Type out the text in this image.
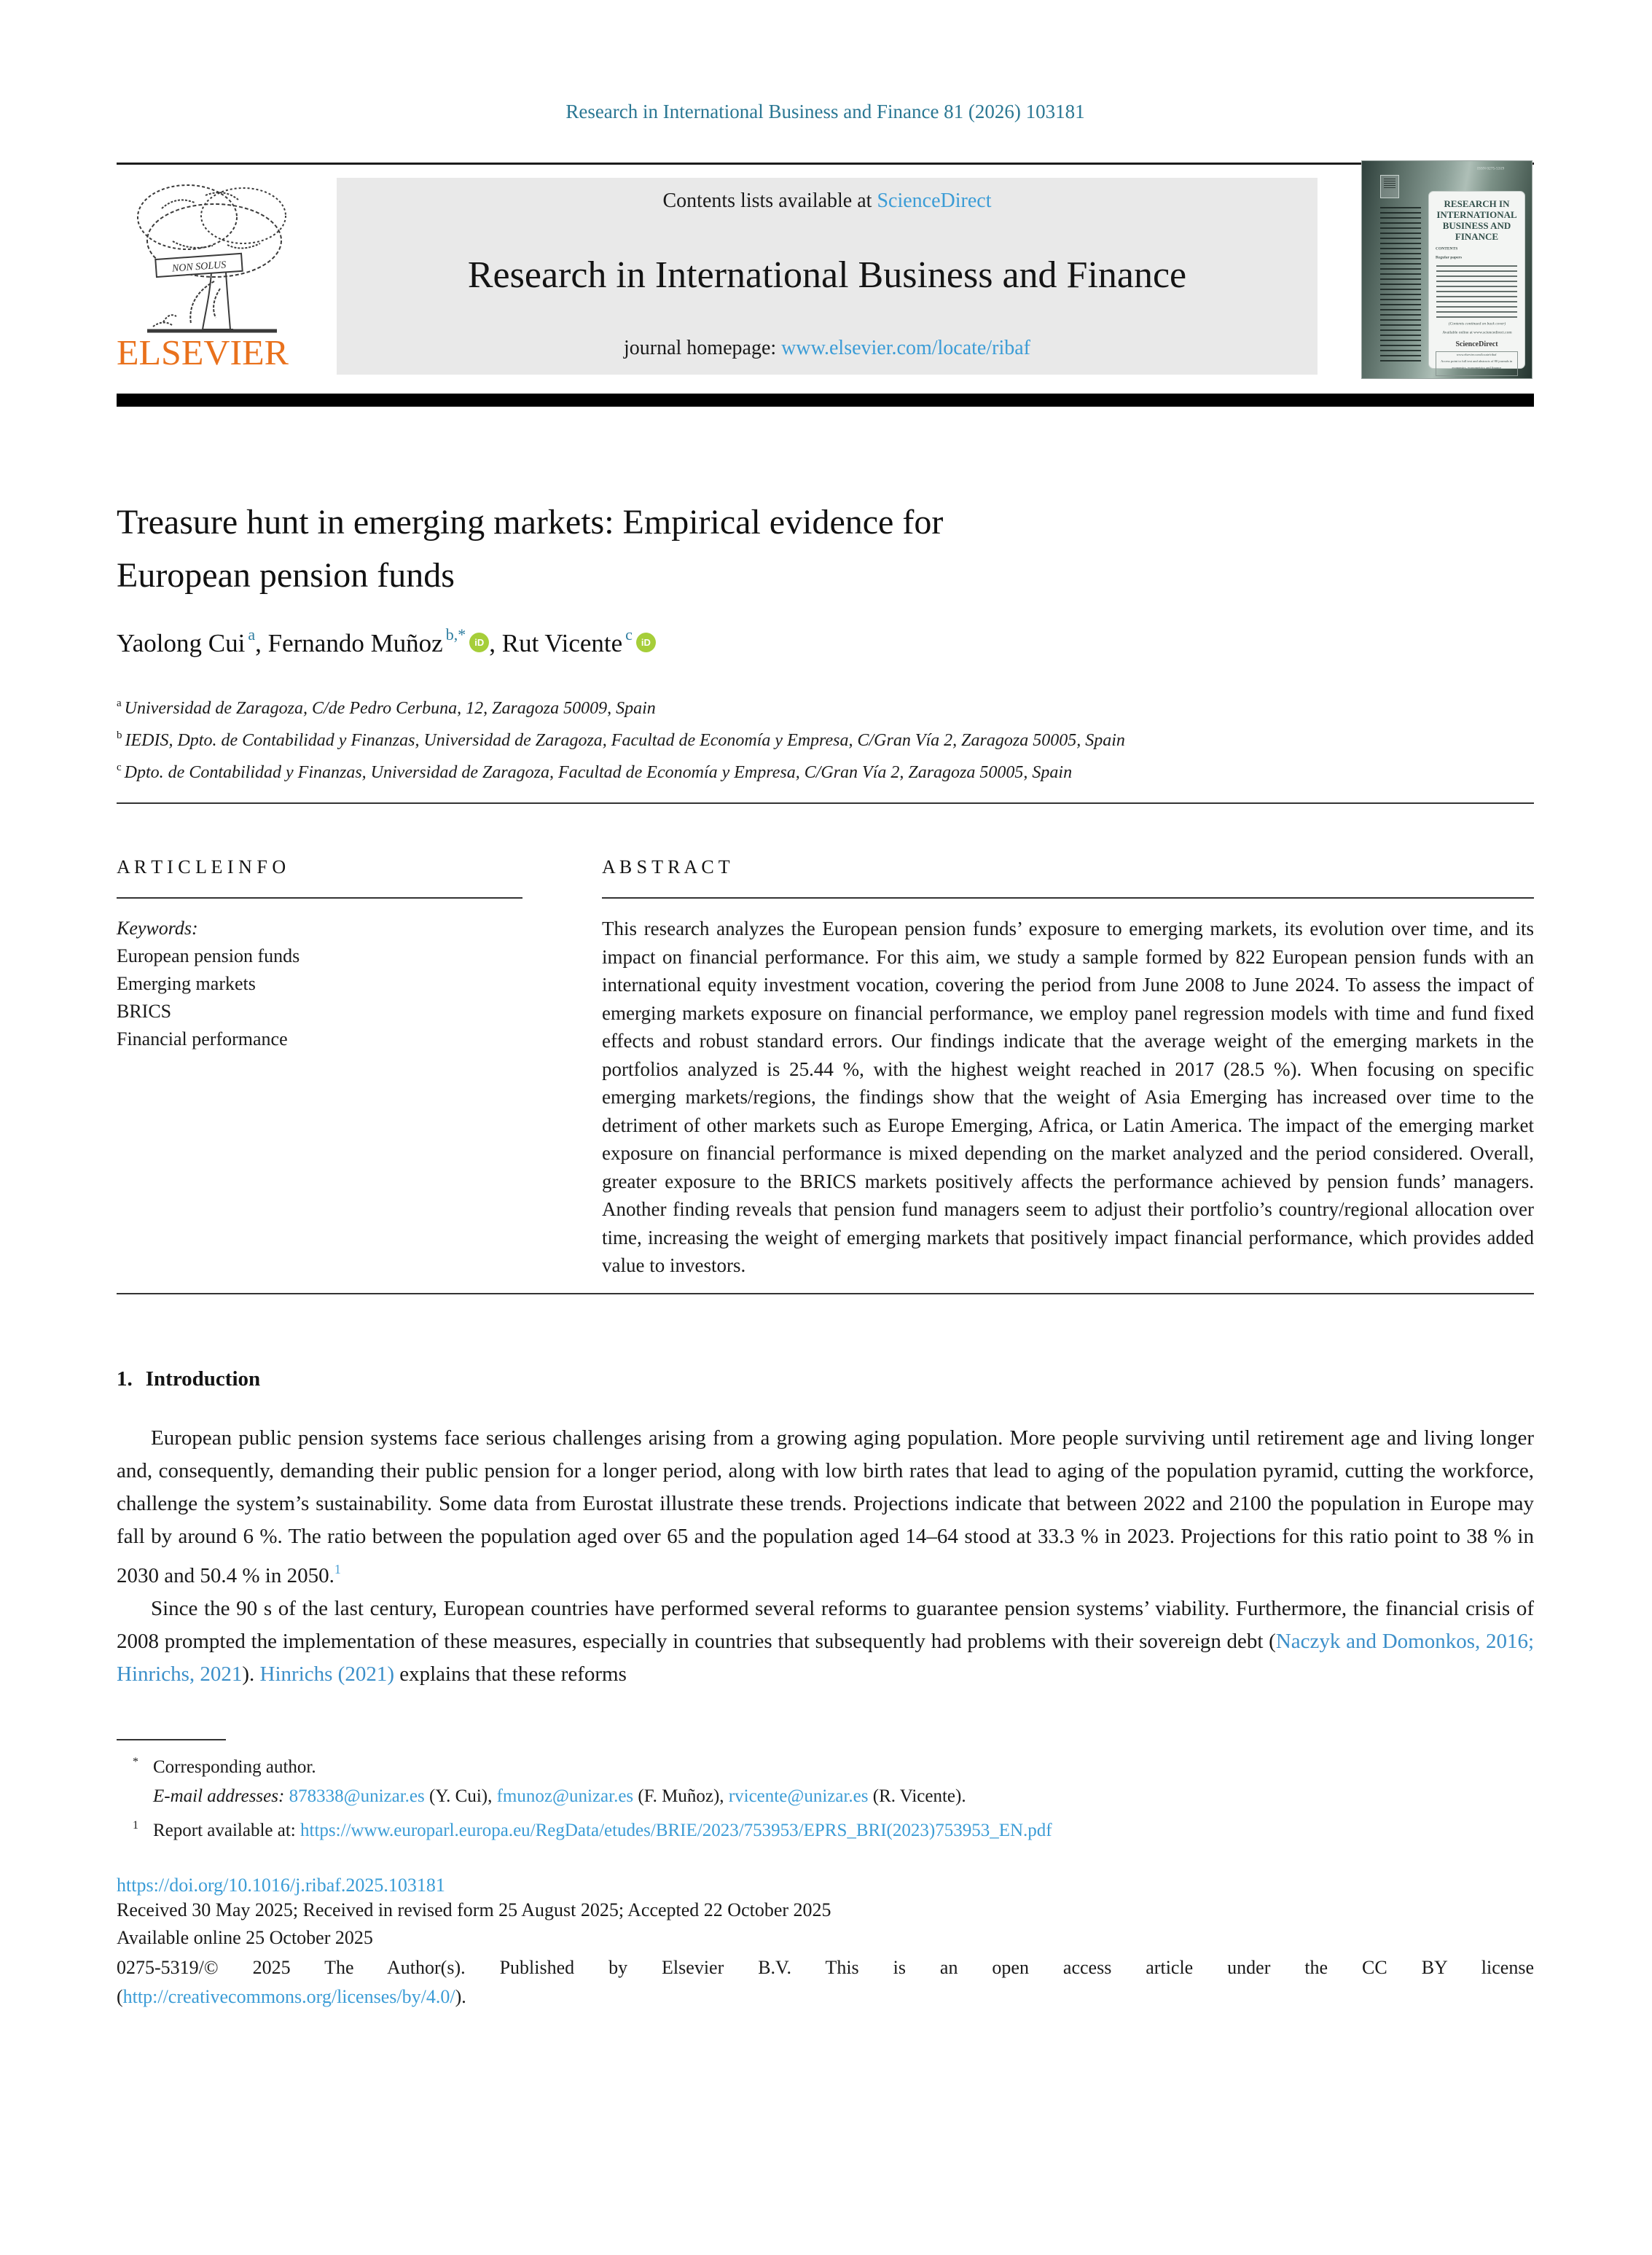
Research in International Business and Finance 81 (2026) 103181
NON SOLUS
ELSEVIER
Contents lists available at ScienceDirect
Research in International Business and Finance
journal homepage: www.elsevier.com/locate/ribaf
ISSN 0275-5319
RESEARCH IN
INTERNATIONAL
BUSINESS AND
FINANCE
CONTENTS
Regular papers
(Contents continued on back cover)
Available online at www.sciencedirect.com
ScienceDirect
www.elsevier.com/locate/ribaf
Access point to full text and abstracts of 80 journals in
economics, econometrics and finance
Treasure hunt in emerging markets: Empirical evidence for
European pension funds
Yaolong Cui $^a$, Fernando Muñoz $^{b,*}$ iD , Rut Vicente $^c$ iD
$^a$ Universidad de Zaragoza, C/de Pedro Cerbuna, 12, Zaragoza 50009, Spain
$^b$ IEDIS, Dpto. de Contabilidad y Finanzas, Universidad de Zaragoza, Facultad de Economía y Empresa, C/Gran Vía 2, Zaragoza 50005, Spain
$^c$ Dpto. de Contabilidad y Finanzas, Universidad de Zaragoza, Facultad de Economía y Empresa, C/Gran Vía 2, Zaragoza 50005, Spain
A R T I C L E I N F O
Keywords:
European pension funds
Emerging markets
BRICS
Financial performance
A B S T R A C T
This research analyzes the European pension funds’ exposure to emerging markets, its evolution over time, and its impact on financial performance. For this aim, we study a sample formed by 822 European pension funds with an international equity investment vocation, covering the period from June 2008 to June 2024. To assess the impact of emerging markets exposure on financial performance, we employ panel regression models with time and fund fixed effects and robust standard errors. Our findings indicate that the average weight of the emerging markets in the portfolios analyzed is 25.44 %, with the highest weight reached in 2017 (28.5 %). When focusing on specific emerging markets/regions, the findings show that the weight of Asia Emerging has increased over time to the detriment of other markets such as Europe Emerging, Africa, or Latin America. The impact of the emerging market exposure on financial performance is mixed depending on the market analyzed and the period considered. Overall, greater exposure to the BRICS markets positively affects the performance achieved by pension funds’ managers. Another finding reveals that pension fund managers seem to adjust their portfolio’s country/regional allocation over time, increasing the weight of emerging markets that positively impact financial performance, which provides added value to investors.
1. Introduction
European public pension systems face serious challenges arising from a growing aging population. More people surviving until retirement age and living longer and, consequently, demanding their public pension for a longer period, along with low birth rates that lead to aging of the population pyramid, cutting the workforce, challenge the system’s sustainability. Some data from Eurostat illustrate these trends. Projections indicate that between 2022 and 2100 the population in Europe may fall by around 6 %. The ratio between the population aged over 65 and the population aged 14–64 stood at 33.3 % in 2023. Projections for this ratio point to 38 % in 2030 and 50.4 % in 2050.$^1$
Since the 90 s of the last century, European countries have performed several reforms to guarantee pension systems’ viability. Furthermore, the financial crisis of 2008 prompted the implementation of these measures, especially in countries that subsequently had problems with their sovereign debt (Naczyk and Domonkos, 2016; Hinrichs, 2021). Hinrichs (2021) explains that these reforms
* Corresponding author.
E-mail addresses: 878338@unizar.es (Y. Cui), fmunoz@unizar.es (F. Muñoz), rvicente@unizar.es (R. Vicente).
$^1$ Report available at: https://www.europarl.europa.eu/RegData/etudes/BRIE/2023/753953/EPRS_BRI(2023)753953_EN.pdf
https://doi.org/10.1016/j.ribaf.2025.103181
Received 30 May 2025; Received in revised form 25 August 2025; Accepted 22 October 2025
Available online 25 October 2025
0275-5319/© 2025 The Author(s). Published by Elsevier B.V. This is an open access article under the CC BY license
(http://creativecommons.org/licenses/by/4.0/).
